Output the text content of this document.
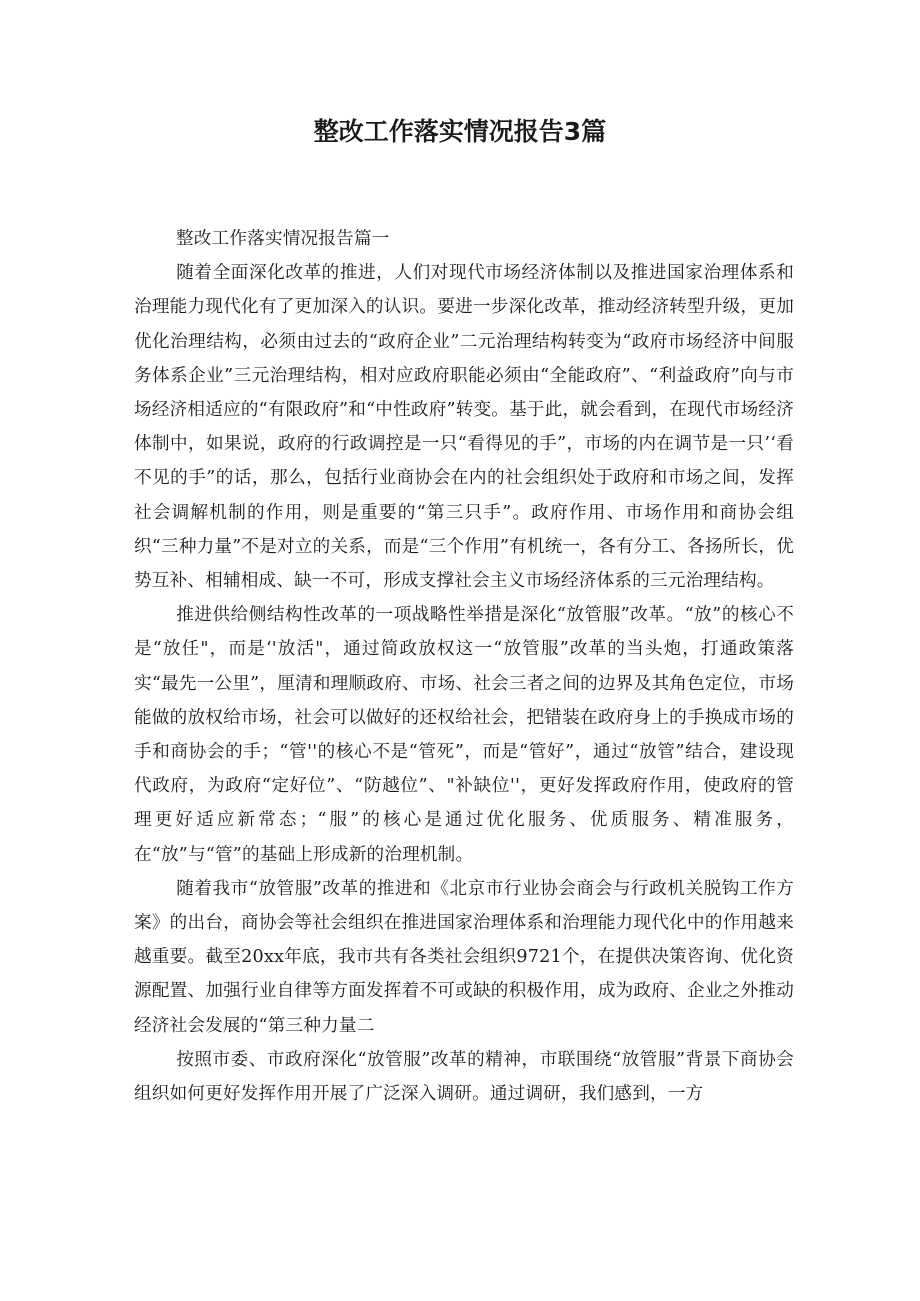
整改工作落实情况报告3篇

整改工作落实情况报告篇一

随着全面深化改革的推进，人们对现代市场经济体制以及推进国家治理体系和治理能力现代化有了更加深入的认识。要进一步深化改革，推动经济转型升级，更加优化治理结构，必须由过去的“政府企业”二元治理结构转变为“政府市场经济中间服务体系企业”三元治理结构，相对应政府职能必须由“全能政府”、“利益政府”向与市场经济相适应的“有限政府”和“中性政府”转变。基于此，就会看到，在现代市场经济体制中，如果说，政府的行政调控是一只“看得见的手”，市场的内在调节是一只’‘看不见的手”的话，那么，包括行业商协会在内的社会组织处于政府和市场之间，发挥社会调解机制的作用，则是重要的“第三只手”。政府作用、市场作用和商协会组织“三种力量”不是对立的关系，而是“三个作用”有机统一，各有分工、各扬所长，优势互补、相辅相成、缺一不可，形成支撑社会主义市场经济体系的三元治理结构。

推进供给侧结构性改革的一项战略性举措是深化“放管服”改革。“放”的核心不是“放任"，而是‘'放活"，通过简政放权这一“放管服”改革的当头炮，打通政策落实“最先一公里”，厘清和理顺政府、市场、社会三者之间的边界及其角色定位，市场能做的放权给市场，社会可以做好的还权给社会，把错装在政府身上的手换成市场的手和商协会的手；“管''的核心不是“管死”，而是“管好”，通过“放管”结合，建设现代政府，为政府“定好位”、“防越位”、"补缺位''，更好发挥政府作用，使政府的管理更好适应新常态；“服”的核心是通过优化服务、优质服务、精准服务，在“放”与“管”的基础上形成新的治理机制。

随着我市“放管服”改革的推进和《北京市行业协会商会与行政机关脱钩工作方案》的出台，商协会等社会组织在推进国家治理体系和治理能力现代化中的作用越来越重要。截至20xx年底，我市共有各类社会组织9721个，在提供决策咨询、优化资源配置、加强行业自律等方面发挥着不可或缺的积极作用，成为政府、企业之外推动经济社会发展的“第三种力量二

按照市委、市政府深化“放管服”改革的精神，市联围绕“放管服”背景下商协会组织如何更好发挥作用开展了广泛深入调研。通过调研，我们感到，一方
